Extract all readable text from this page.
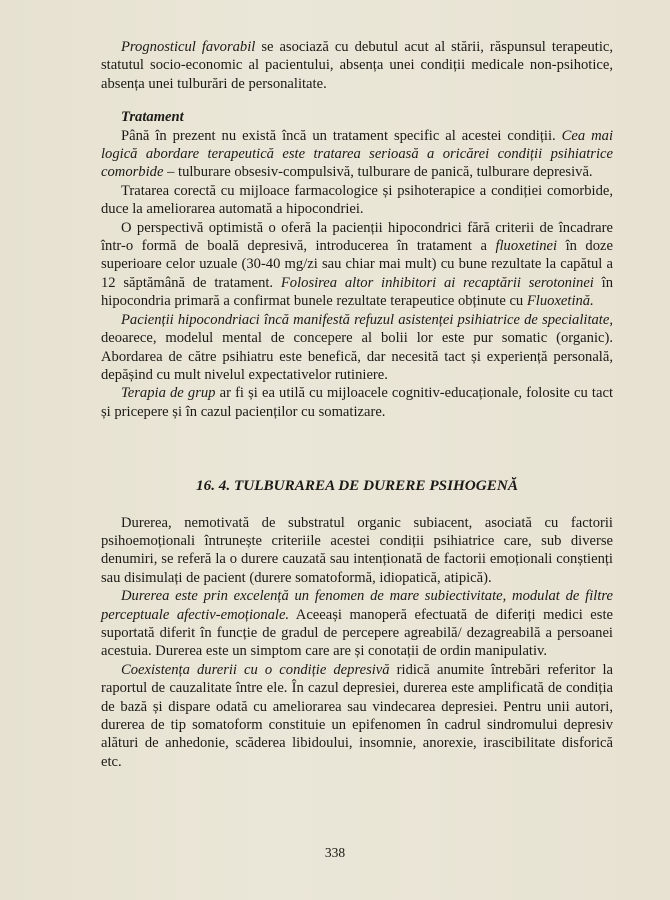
Prognosticul favorabil se asociază cu debutul acut al stării, răspunsul terapeutic, statutul socio-economic al pacientului, absența unei condiții medicale non-psihotice, absența unei tulburări de personalitate.

Tratament

Până în prezent nu există încă un tratament specific al acestei condiții. Cea mai logică abordare terapeutică este tratarea serioasă a oricărei condiții psihiatrice comorbide – tulburare obsesiv-compulsivă, tulburare de panică, tulburare depresivă.

Tratarea corectă cu mijloace farmacologice și psihoterapice a condiției comorbide, duce la ameliorarea automată a hipocondriei.

O perspectivă optimistă o oferă la pacienții hipocondrici fără criterii de încadrare într-o formă de boală depresivă, introducerea în tratament a fluoxetinei în doze superioare celor uzuale (30-40 mg/zi sau chiar mai mult) cu bune rezultate la capătul a 12 săptămână de tratament. Folosirea altor inhibitori ai recaptării serotoninei în hipocondria primară a confirmat bunele rezultate terapeutice obținute cu Fluoxetină.

Pacienții hipocondriaci încă manifestă refuzul asistenței psihiatrice de specialitate, deoarece, modelul mental de concepere al bolii lor este pur somatic (organic). Abordarea de către psihiatru este benefică, dar necesită tact și experiență personală, depășind cu mult nivelul expectativelor rutiniere.

Terapia de grup ar fi și ea utilă cu mijloacele cognitiv-educaționale, folosite cu tact și pricepere și în cazul pacienților cu somatizare.

16. 4. TULBURAREA DE DURERE PSIHOGENĂ

Durerea, nemotivată de substratul organic subiacent, asociată cu factorii psihoemoționali întrunește criteriile acestei condiții psihiatrice care, sub diverse denumiri, se referă la o durere cauzată sau intenționată de factorii emoționali conștienți sau disimulați de pacient (durere somatoformă, idiopatică, atipică).

Durerea este prin excelență un fenomen de mare subiectivitate, modulat de filtre perceptuale afectiv-emoționale. Aceeași manoperă efectuată de diferiți medici este suportată diferit în funcție de gradul de percepere agreabilă/ dezagreabilă a persoanei acestuia. Durerea este un simptom care are și conotații de ordin manipulativ.

Coexistența durerii cu o condiție depresivă ridică anumite întrebări referitor la raportul de cauzalitate între ele. În cazul depresiei, durerea este amplificată de condiția de bază și dispare odată cu ameliorarea sau vindecarea depresiei. Pentru unii autori, durerea de tip somatoform constituie un epifenomen în cadrul sindromului depresiv alături de anhedonie, scăderea libidoului, insomnie, anorexie, irascibilitate disforică etc.

338
